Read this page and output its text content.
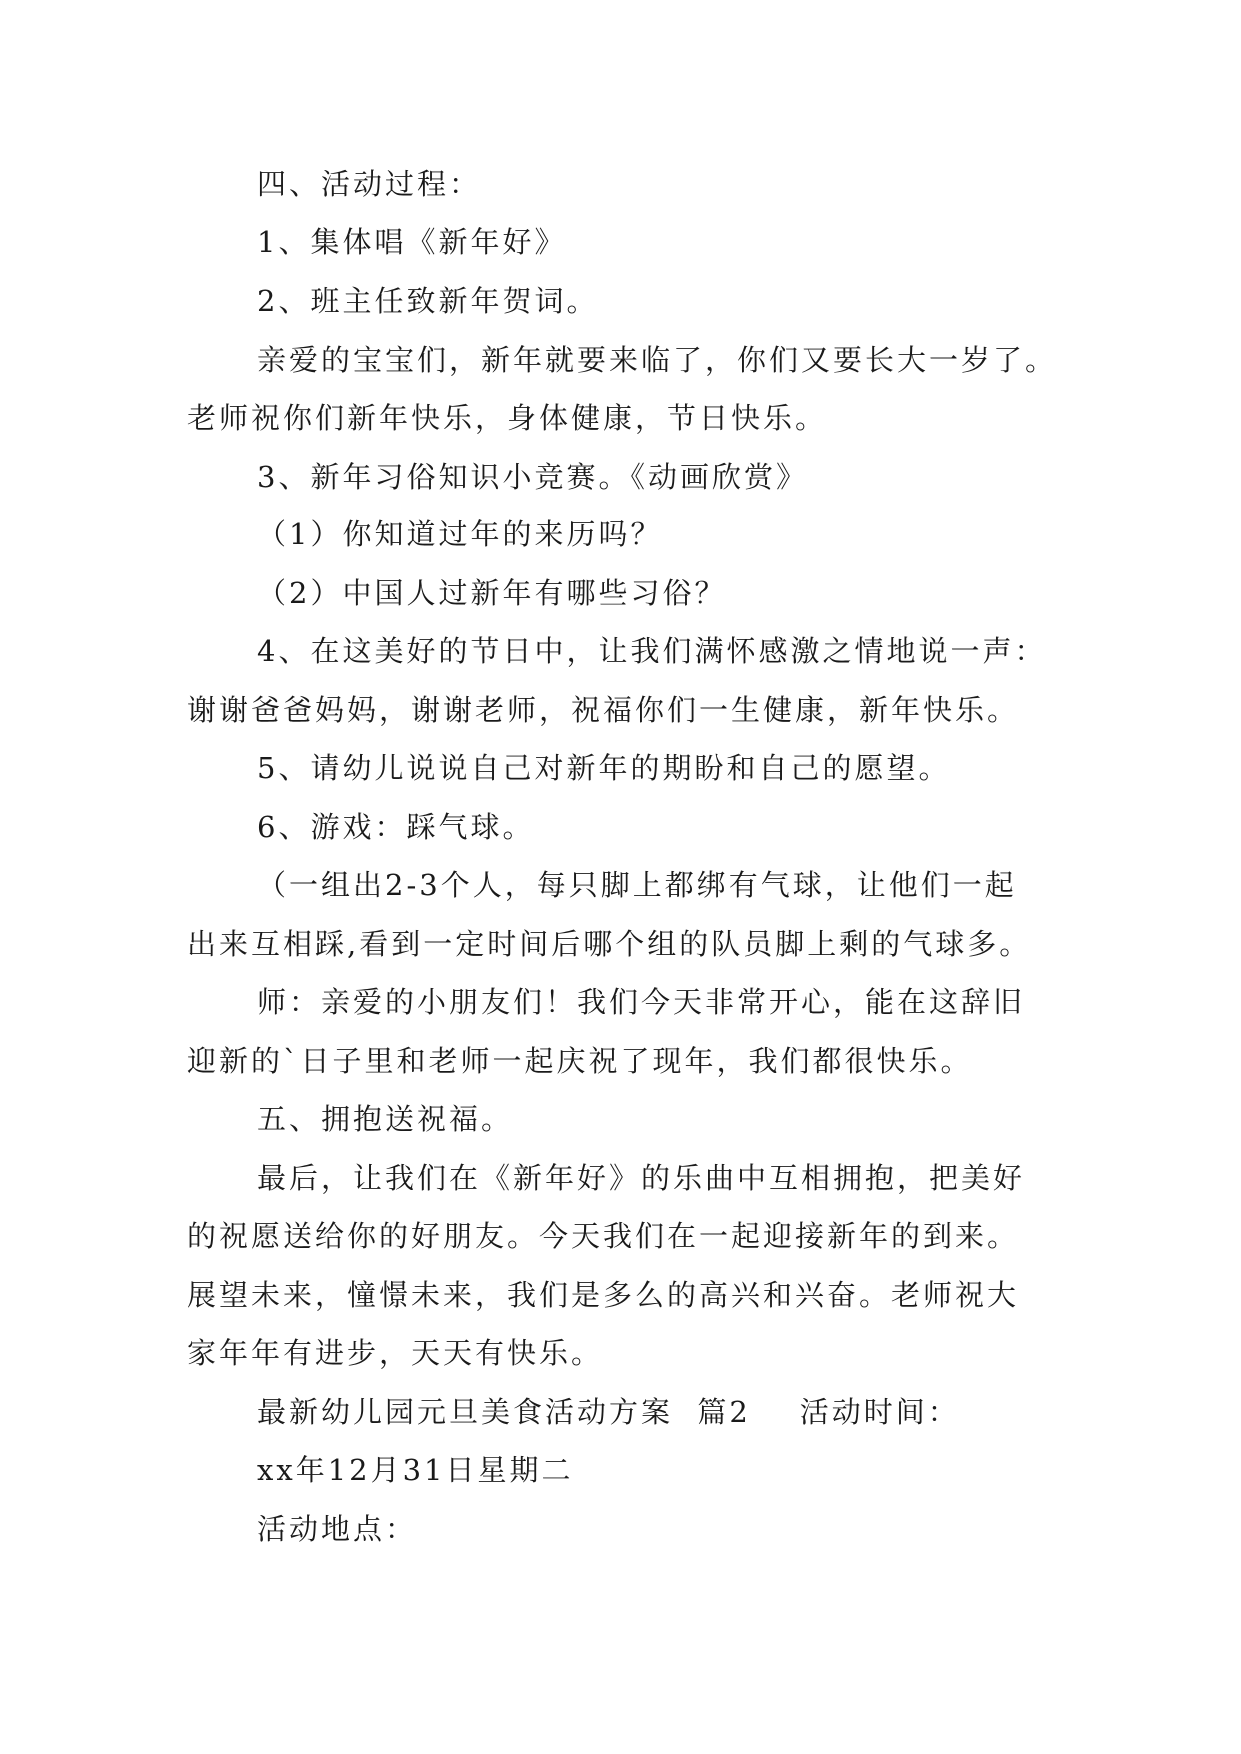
四、活动过程：
1、集体唱《新年好》
2、班主任致新年贺词。
亲爱的宝宝们，新年就要来临了，你们又要长大一岁了。
老师祝你们新年快乐，身体健康，节日快乐。
3、新年习俗知识小竞赛。《动画欣赏》
（1）你知道过年的来历吗？
（2）中国人过新年有哪些习俗？
4、在这美好的节日中，让我们满怀感激之情地说一声：
谢谢爸爸妈妈，谢谢老师，祝福你们一生健康，新年快乐。
5、请幼儿说说自己对新年的期盼和自己的愿望。
6、游戏：踩气球。
（一组出2-3个人，每只脚上都绑有气球，让他们一起
出来互相踩,看到一定时间后哪个组的队员脚上剩的气球多。
师：亲爱的小朋友们！我们今天非常开心，能在这辞旧
迎新的`日子里和老师一起庆祝了现年，我们都很快乐。
五、拥抱送祝福。
最后，让我们在《新年好》的乐曲中互相拥抱，把美好
的祝愿送给你的好朋友。今天我们在一起迎接新年的到来。
展望未来，憧憬未来，我们是多么的高兴和兴奋。老师祝大
家年年有进步，天天有快乐。
最新幼儿园元旦美食活动方案  篇2    活动时间：
xx年12月31日星期二
活动地点：
